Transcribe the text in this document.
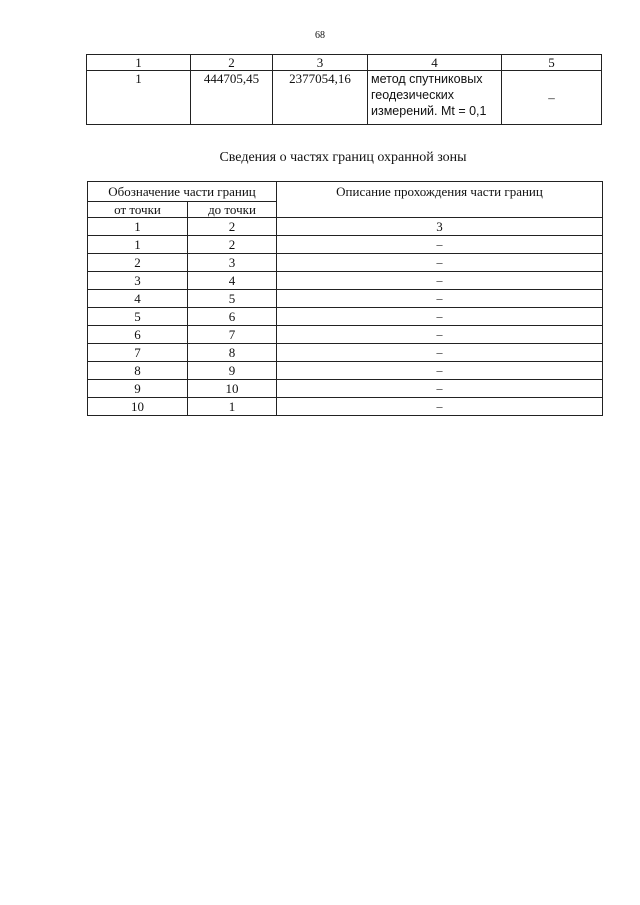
68
1	2	3	4	5
1	444705,45	2377054,16	метод спутниковых
геодезических
измерений. Mt = 0,1	–
Сведения о частях границ охранной зоны
Обозначение части границ		Описание прохождения части границ
от точки	до точки	
1	2	3
1	2	–
2	3	–
3	4	–
4	5	–
5	6	–
6	7	–
7	8	–
8	9	–
9	10	–
10	1	–
